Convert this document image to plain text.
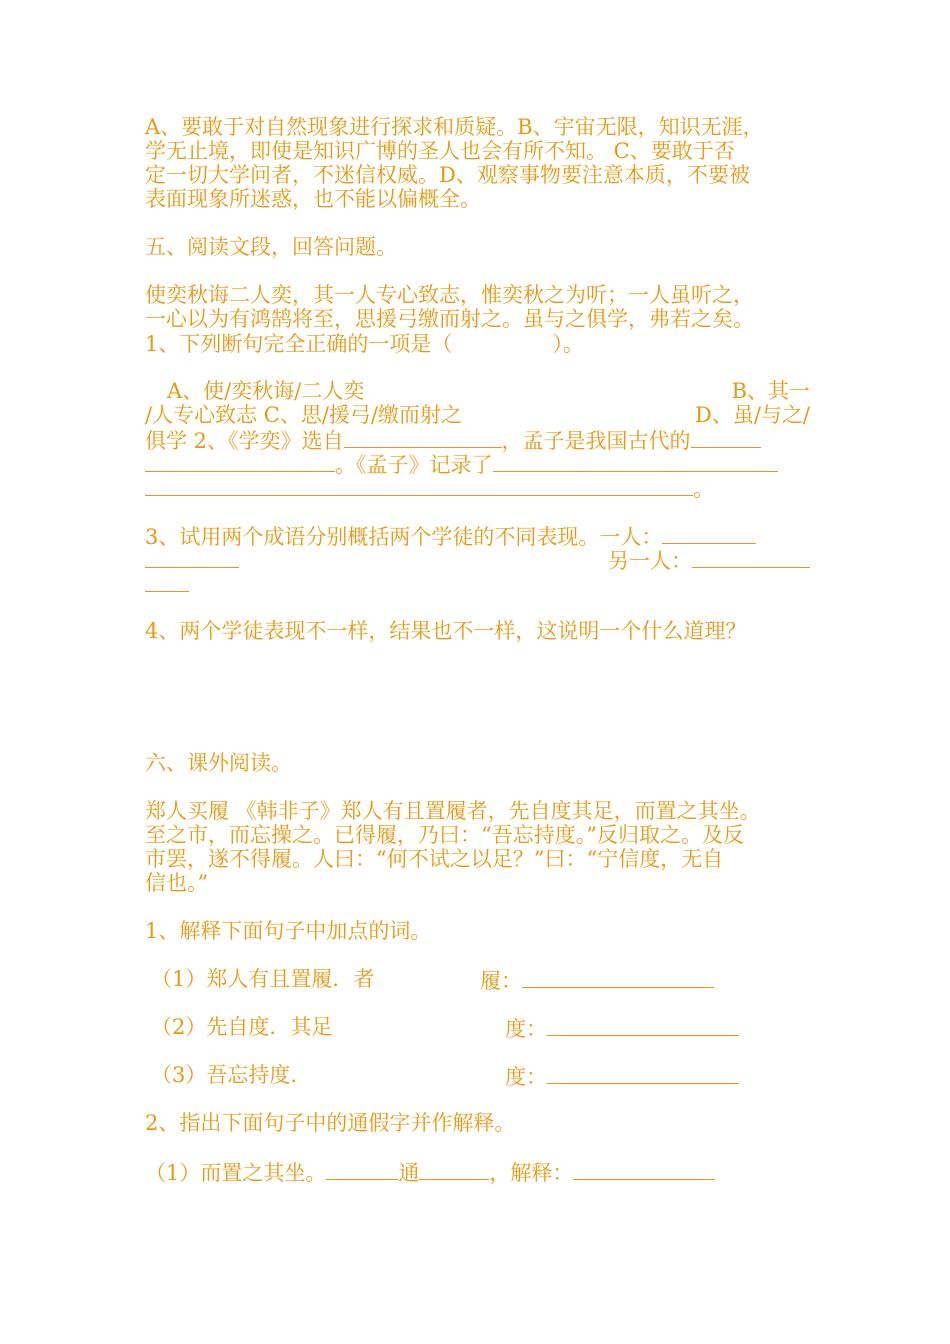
A、要敢于对自然现象进行探求和质疑。B、宇宙无限，知识无涯，
学无止境，即使是知识广博的圣人也会有所不知。 C、要敢于否
定一切大学问者，不迷信权威。D、观察事物要注意本质，不要被
表面现象所迷惑，也不能以偏概全。
五、阅读文段，回答问题。
使奕秋诲二人奕，其一人专心致志，惟奕秋之为听；一人虽听之，
一心以为有鸿鹄将至，思援弓缴而射之。虽与之俱学，弗若之矣。
1、下列断句完全正确的一项是（	）。
A、使/奕秋诲/二人奕	B、其一
/人专心致志 C、思/援弓/缴而射之	D、虽/与之/
俱学 2、《学奕》选自	，孟子是我国古代的
。《孟子》记录了
。
3、试用两个成语分别概括两个学徒的不同表现。一人：
另一人：
4、两个学徒表现不一样，结果也不一样，这说明一个什么道理？
六、课外阅读。
郑人买履 《韩非子》郑人有且置履者，先自度其足，而置之其坐。
至之市，而忘操之。已得履，乃曰：“吾忘持度。”反归取之。及反
市罢，遂不得履。人曰：“何不试之以足？”曰：“宁信度，无自
信也。”
1、解释下面句子中加点的词。
（1）郑人有且置履．者	履：
（2）先自度．其足	度：
（3）吾忘持度．	度：
2、指出下面句子中的通假字并作解释。
（1）而置之其坐。	通	，解释：
